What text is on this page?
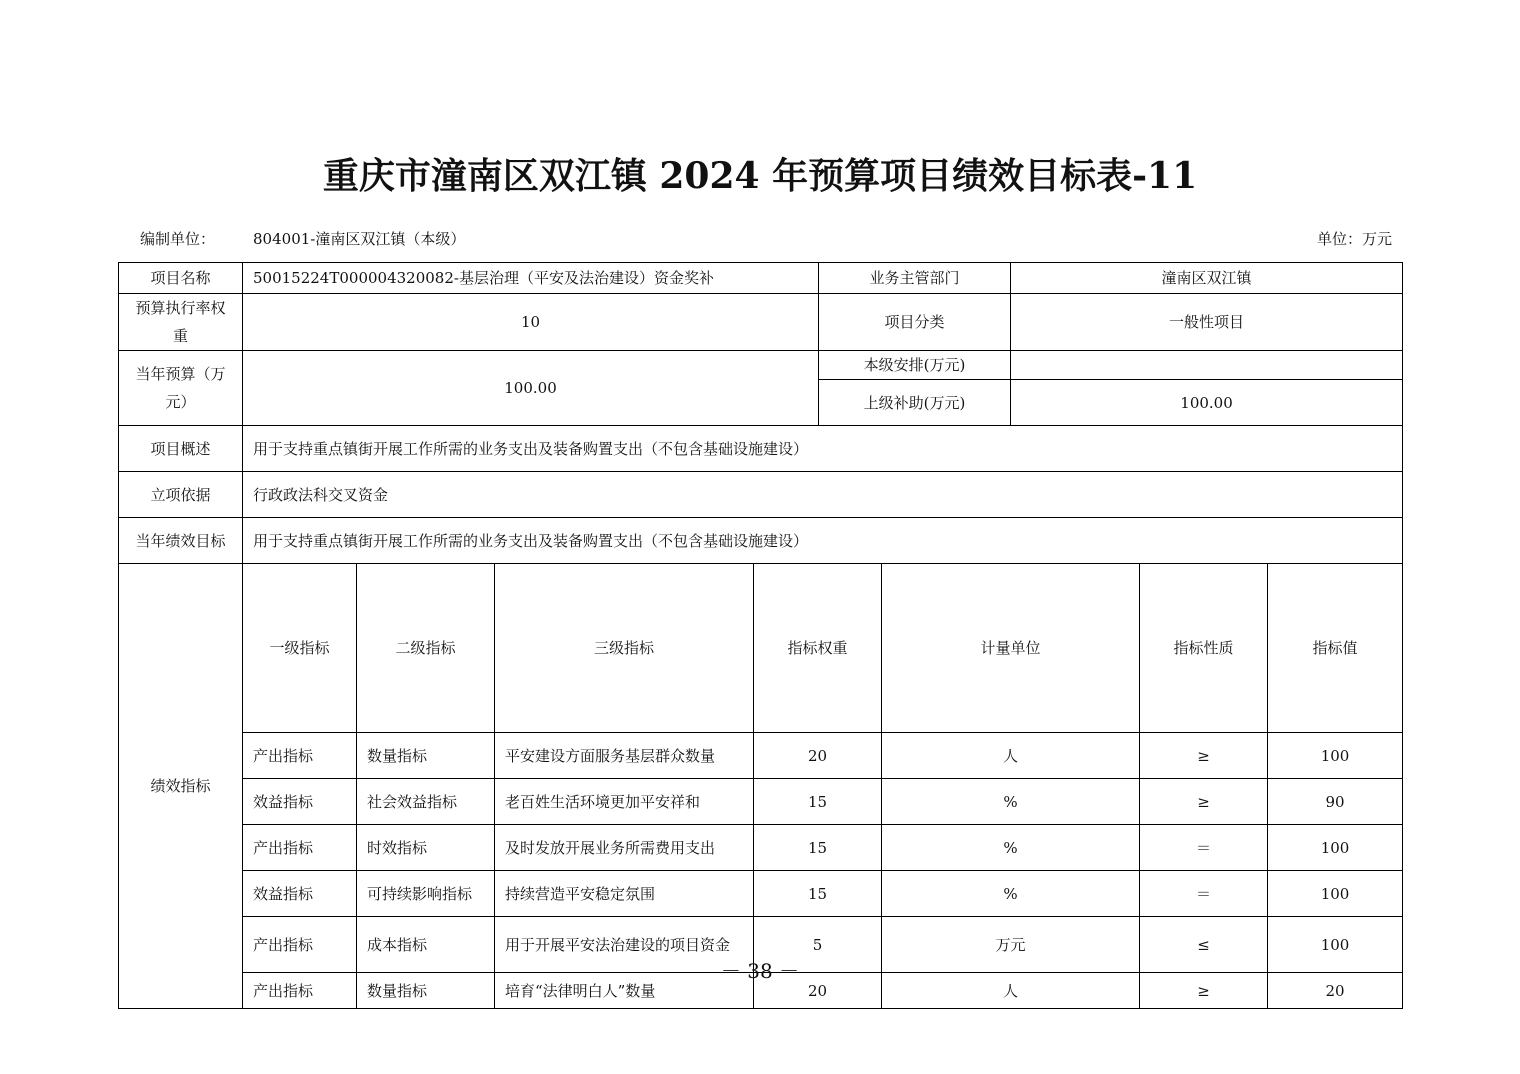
重庆市潼南区双江镇 2024 年预算项目绩效目标表-11
编制单位：	804001-潼南区双江镇（本级）	单位：万元
项目名称	50015224T000004320082-基层治理（平安及法治建设）资金奖补				业务主管部门		潼南区双江镇			
预算执行率权重	10				项目分类		一般性项目			
当年预算（万元）	100.00				本级安排(万元)					
					上级补助(万元)		100.00			
项目概述	用于支持重点镇街开展工作所需的业务支出及装备购置支出（不包含基础设施建设）									
立项依据	行政政法科交叉资金									
当年绩效目标	用于支持重点镇街开展工作所需的业务支出及装备购置支出（不包含基础设施建设）									
绩效指标	一级指标	二级指标	三级指标	指标权重		计量单位		指标性质	指标值	
	产出指标	数量指标	平安建设方面服务基层群众数量	20		人		≥	100	
	效益指标	社会效益指标	老百姓生活环境更加平安祥和	15		%		≥	90	
	产出指标	时效指标	及时发放开展业务所需费用支出	15		%		＝	100	
	效益指标	可持续影响指标	持续营造平安稳定氛围	15		%		＝	100	
	产出指标	成本指标	用于开展平安法治建设的项目资金	5		万元		≤	100	
	产出指标	数量指标	培育“法律明白人”数量	20		人		≥	20	
－ 38 －
